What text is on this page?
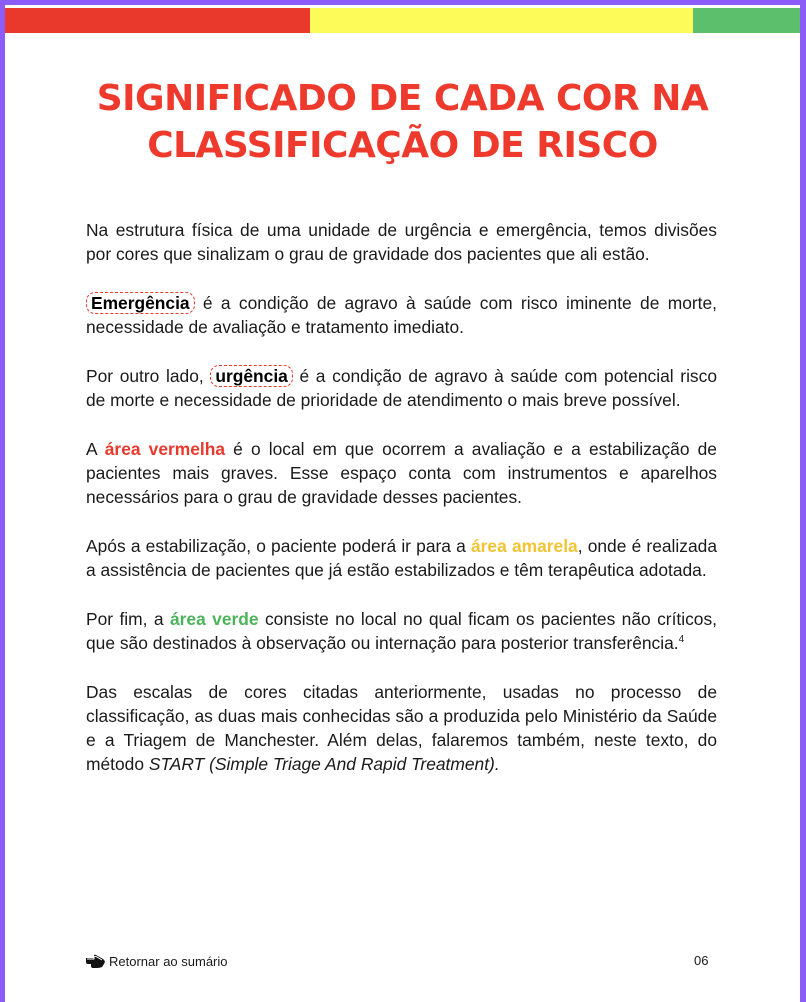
SIGNIFICADO DE CADA COR NA
CLASSIFICAÇÃO DE RISCO

Na estrutura física de uma unidade de urgência e emergência, temos divisões por cores que sinalizam o grau de gravidade dos pacientes que ali estão.

Emergência é a condição de agravo à saúde com risco iminente de morte, necessidade de avaliação e tratamento imediato.

Por outro lado, urgência é a condição de agravo à saúde com potencial risco de morte e necessidade de prioridade de atendimento o mais breve possível.

A área vermelha é o local em que ocorrem a avaliação e a estabilização de pacientes mais graves. Esse espaço conta com instrumentos e aparelhos necessários para o grau de gravidade desses pacientes.

Após a estabilização, o paciente poderá ir para a área amarela, onde é realizada a assistência de pacientes que já estão estabilizados e têm terapêutica adotada.

Por fim, a área verde consiste no local no qual ficam os pacientes não críticos, que são destinados à observação ou internação para posterior transferência.$^4$

Das escalas de cores citadas anteriormente, usadas no processo de classificação, as duas mais conhecidas são a produzida pelo Ministério da Saúde e a Triagem de Manchester. Além delas, falaremos também, neste texto, do método START (Simple Triage And Rapid Treatment).

Retornar ao sumário	06
